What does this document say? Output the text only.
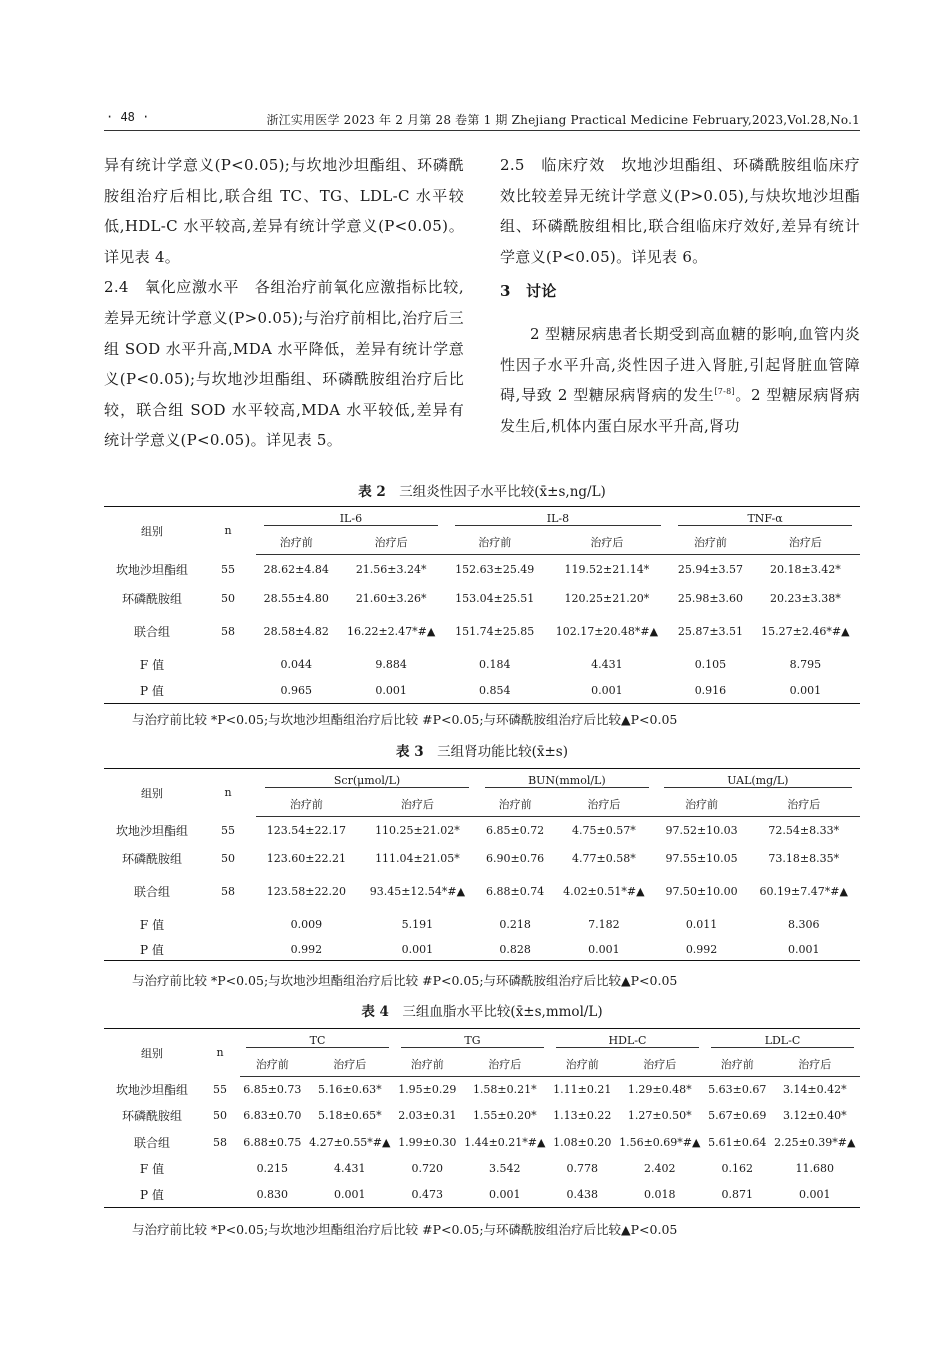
· 48 ·	浙江实用医学 2023 年 2 月第 28 卷第 1 期 Zhejiang Practical Medicine February,2023,Vol.28,No.1

异有统计学意义(P<0.05);与坎地沙坦酯组、环磷酰胺组治疗后相比,联合组 TC、TG、LDL-C 水平较低,HDL-C 水平较高,差异有统计学意义(P<0.05)。详见表 4。

2.4　氧化应激水平　各组治疗前氧化应激指标比较,差异无统计学意义(P>0.05);与治疗前相比,治疗后三组 SOD 水平升高,MDA 水平降低，差异有统计学意义(P<0.05);与坎地沙坦酯组、环磷酰胺组治疗后比较，联合组 SOD 水平较高,MDA 水平较低,差异有统计学意义(P<0.05)。详见表 5。

2.5　临床疗效　坎地沙坦酯组、环磷酰胺组临床疗效比较差异无统计学意义(P>0.05),与炔坎地沙坦酯组、环磷酰胺组相比,联合组临床疗效好,差异有统计学意义(P<0.05)。详见表 6。

3　讨论

2 型糖尿病患者长期受到高血糖的影响,血管内炎性因子水平升高,炎性因子进入肾脏,引起肾脏血管障碍,导致 2 型糖尿病肾病的发生[7-8]。2 型糖尿病肾病发生后,机体内蛋白尿水平升高,肾功

表 2　 三组炎性因子水平比较(x̄±s,ng/L)
组别	n	IL-6		IL-8		TNF-α	
		治疗前	治疗后	治疗前	治疗后	治疗前	治疗后
坎地沙坦酯组	55	28.62±4.84	21.56±3.24*	152.63±25.49	119.52±21.14*	25.94±3.57	20.18±3.42*
环磷酰胺组	50	28.55±4.80	21.60±3.26*	153.04±25.51	120.25±21.20*	25.98±3.60	20.23±3.38*
联合组	58	28.58±4.82	16.22±2.47*#▲	151.74±25.85	102.17±20.48*#▲	25.87±3.51	15.27±2.46*#▲
F 值		0.044	9.884	0.184	4.431	0.105	8.795
P 值		0.965	0.001	0.854	0.001	0.916	0.001
与治疗前比较 *P<0.05;与坎地沙坦酯组治疗后比较 #P<0.05;与环磷酰胺组治疗后比较▲P<0.05
表 3　 三组肾功能比较(x̄±s)
组别	n	Scr(μmol/L)		BUN(mmol/L)		UAL(mg/L)	
		治疗前	治疗后	治疗前	治疗后	治疗前	治疗后
坎地沙坦酯组	55	123.54±22.17	110.25±21.02*	6.85±0.72	4.75±0.57*	97.52±10.03	72.54±8.33*
环磷酰胺组	50	123.60±22.21	111.04±21.05*	6.90±0.76	4.77±0.58*	97.55±10.05	73.18±8.35*
联合组	58	123.58±22.20	93.45±12.54*#▲	6.88±0.74	4.02±0.51*#▲	97.50±10.00	60.19±7.47*#▲
F 值		0.009	5.191	0.218	7.182	0.011	8.306
P 值		0.992	0.001	0.828	0.001	0.992	0.001
与治疗前比较 *P<0.05;与坎地沙坦酯组治疗后比较 #P<0.05;与环磷酰胺组治疗后比较▲P<0.05
表 4　 三组血脂水平比较(x̄±s,mmol/L)
组别	n	TC		TG		HDL-C		LDL-C	
		治疗前	治疗后	治疗前	治疗后	治疗前	治疗后	治疗前	治疗后
坎地沙坦酯组	55	6.85±0.73	5.16±0.63*	1.95±0.29	1.58±0.21*	1.11±0.21	1.29±0.48*	5.63±0.67	3.14±0.42*
环磷酰胺组	50	6.83±0.70	5.18±0.65*	2.03±0.31	1.55±0.20*	1.13±0.22	1.27±0.50*	5.67±0.69	3.12±0.40*
联合组	58	6.88±0.75	4.27±0.55*#▲	1.99±0.30	1.44±0.21*#▲	1.08±0.20	1.56±0.69*#▲	5.61±0.64	2.25±0.39*#▲
F 值		0.215	4.431	0.720	3.542	0.778	2.402	0.162	11.680
P 值		0.830	0.001	0.473	0.001	0.438	0.018	0.871	0.001
与治疗前比较 *P<0.05;与坎地沙坦酯组治疗后比较 #P<0.05;与环磷酰胺组治疗后比较▲P<0.05
